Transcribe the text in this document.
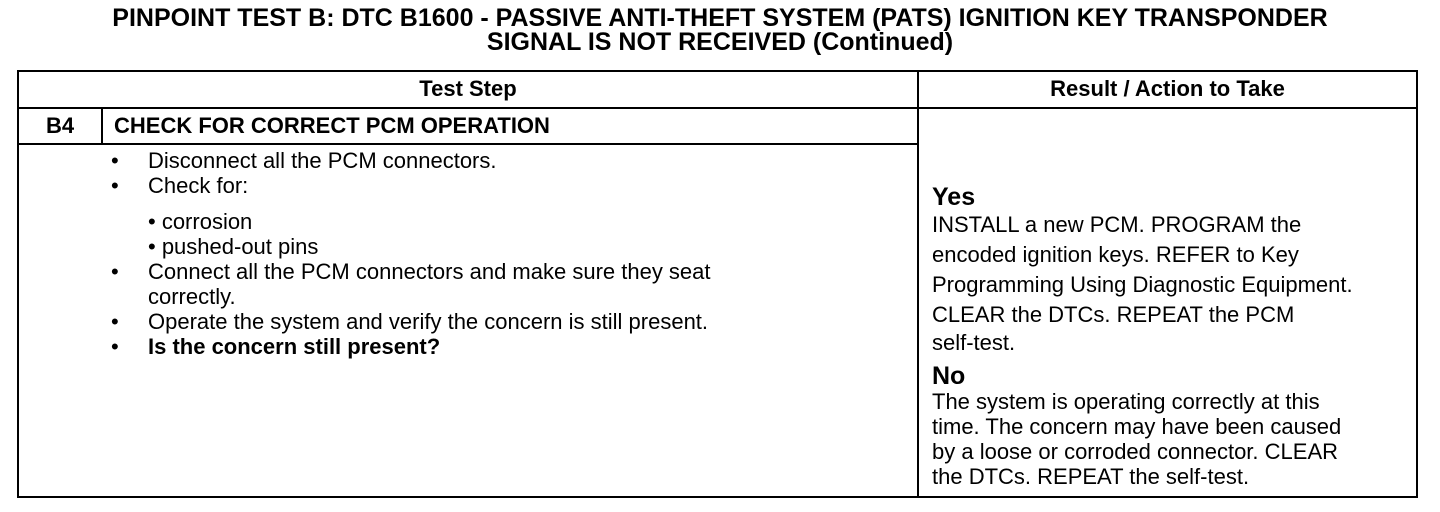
PINPOINT TEST B: DTC B1600 - PASSIVE ANTI-THEFT SYSTEM (PATS) IGNITION KEY TRANSPONDER
SIGNAL IS NOT RECEIVED (Continued)
Test Step	Result / Action to Take
B4	CHECK FOR CORRECT PCM OPERATION
• Disconnect all the PCM connectors.
• Check for:
• corrosion
• pushed-out pins
• Connect all the PCM connectors and make sure they seat
correctly.
• Operate the system and verify the concern is still present.
• Is the concern still present?
Yes
INSTALL a new PCM. PROGRAM the
encoded ignition keys. REFER to Key
Programming Using Diagnostic Equipment.
CLEAR the DTCs. REPEAT the PCM
self-test.
No
The system is operating correctly at this
time. The concern may have been caused
by a loose or corroded connector. CLEAR
the DTCs. REPEAT the self-test.
